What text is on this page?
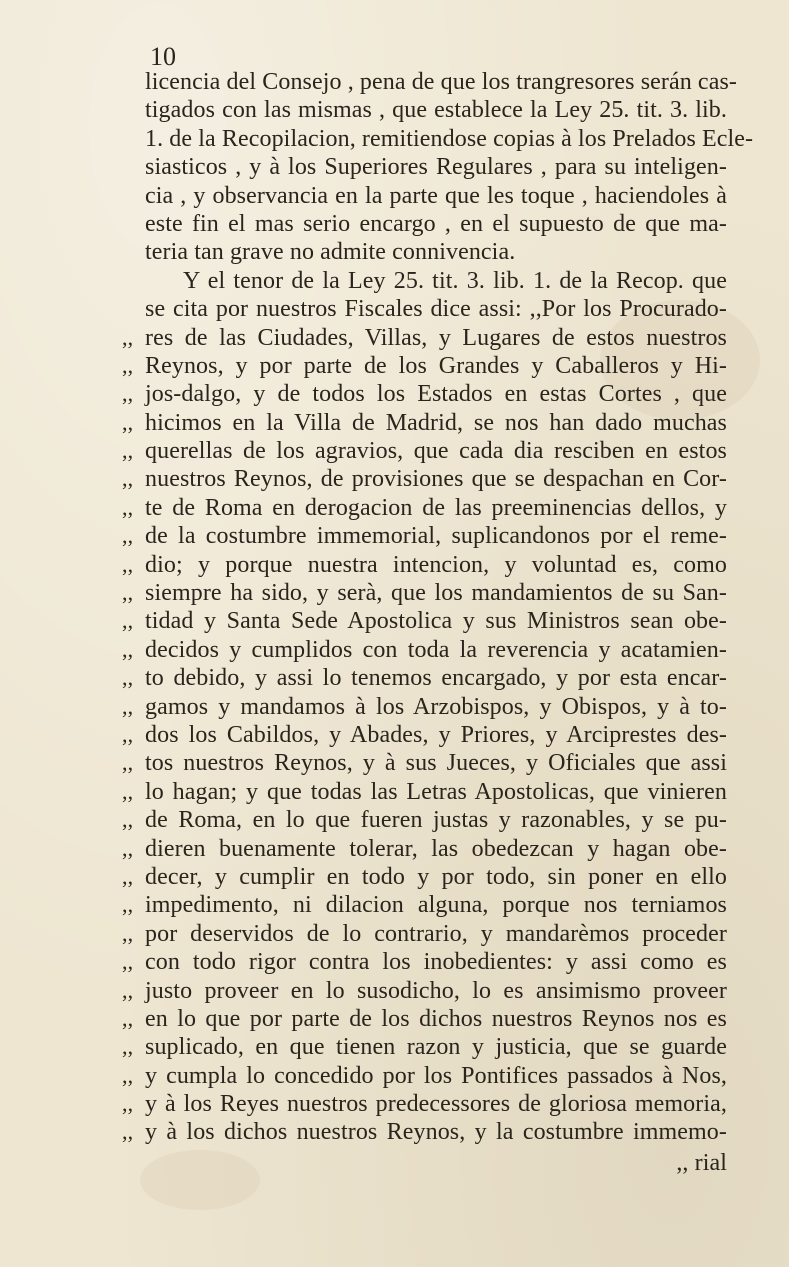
10
licencia del Consejo , pena de que los trangresores serán cas-
tigados con las mismas , que establece la Ley 25. tit. 3. lib.
1. de la Recopilacion, remitiendose copias à los Prelados Ecle-
siasticos , y à los Superiores Regulares , para su inteligen-
cia , y observancia en la parte que les toque , haciendoles à
este fin el mas serio encargo , en el supuesto de que ma-
teria tan grave no admite connivencia.
Y el tenor de la Ley 25. tit. 3. lib. 1. de la Recop. que
se cita por nuestros Fiscales dice assi: ,,Por los Procurado-
,, res de las Ciudades, Villas, y Lugares de estos nuestros
,, Reynos, y por parte de los Grandes y Caballeros y Hi-
,, jos-dalgo, y de todos los Estados en estas Cortes , que
,, hicimos en la Villa de Madrid, se nos han dado muchas
,, querellas de los agravios, que cada dia resciben en estos
,, nuestros Reynos, de provisiones que se despachan en Cor-
,, te de Roma en derogacion de las preeminencias dellos, y
,, de la costumbre immemorial, suplicandonos por el reme-
,, dio; y porque nuestra intencion, y voluntad es, como
,, siempre ha sido, y serà, que los mandamientos de su San-
,, tidad y Santa Sede Apostolica y sus Ministros sean obe-
,, decidos y cumplidos con toda la reverencia y acatamien-
,, to debido, y assi lo tenemos encargado, y por esta encar-
,, gamos y mandamos à los Arzobispos, y Obispos, y à to-
,, dos los Cabildos, y Abades, y Priores, y Arciprestes des-
,, tos nuestros Reynos, y à sus Jueces, y Oficiales que assi
,, lo hagan; y que todas las Letras Apostolicas, que vinieren
,, de Roma, en lo que fueren justas y razonables, y se pu-
,, dieren buenamente tolerar, las obedezcan y hagan obe-
,, decer, y cumplir en todo y por todo, sin poner en ello
,, impedimento, ni dilacion alguna, porque nos terniamos
,, por deservidos de lo contrario, y mandarèmos proceder
,, con todo rigor contra los inobedientes: y assi como es
,, justo proveer en lo susodicho, lo es ansimismo proveer
,, en lo que por parte de los dichos nuestros Reynos nos es
,, suplicado, en que tienen razon y justicia, que se guarde
,, y cumpla lo concedido por los Pontifices passados à Nos,
,, y à los Reyes nuestros predecessores de gloriosa memoria,
,, y à los dichos nuestros Reynos, y la costumbre immemo-
,, rial
